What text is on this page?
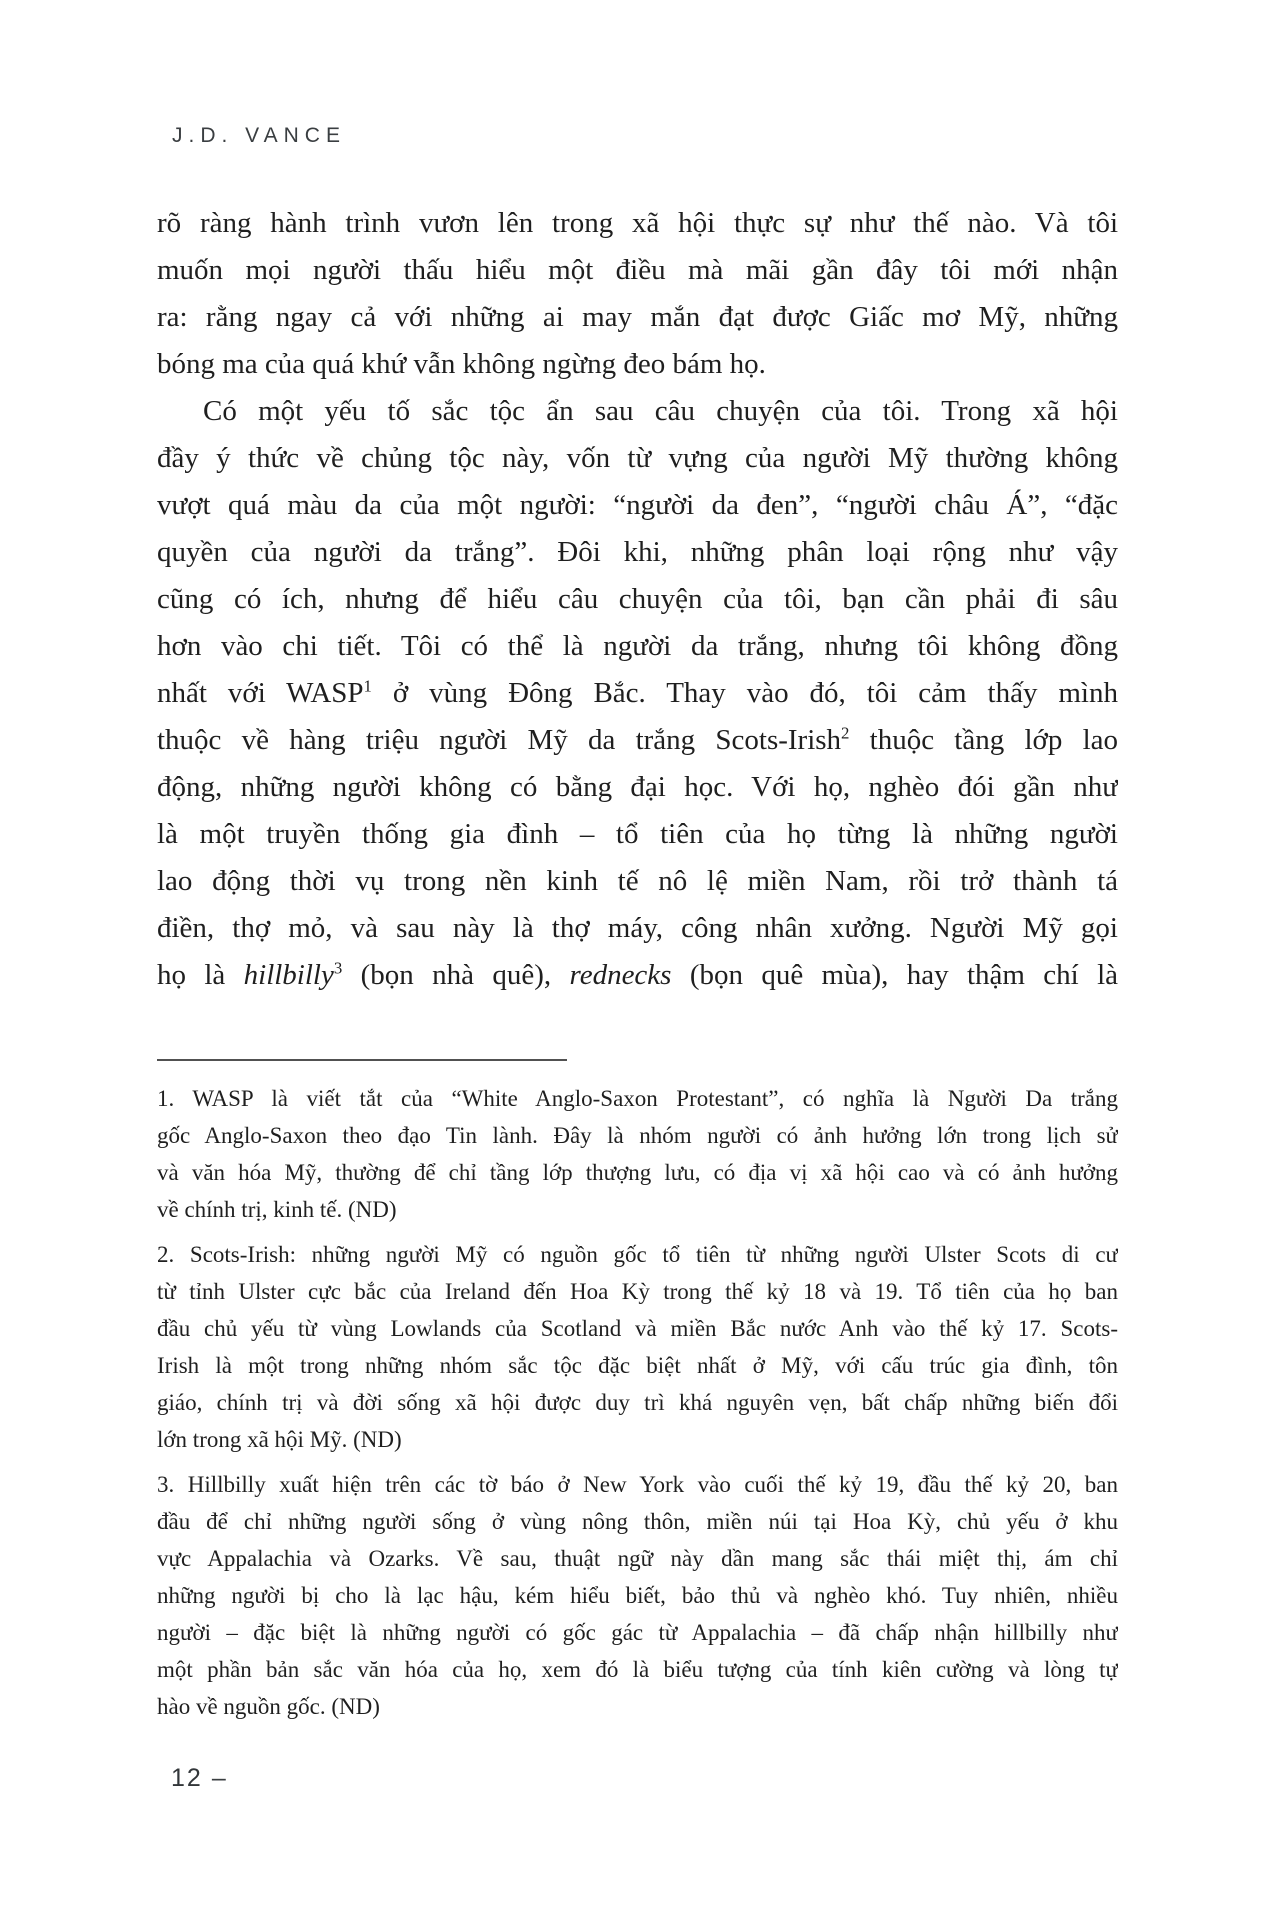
J.D. VANCE
rõ ràng hành trình vươn lên trong xã hội thực sự như thế nào. Và tôi
muốn mọi người thấu hiểu một điều mà mãi gần đây tôi mới nhận
ra: rằng ngay cả với những ai may mắn đạt được Giấc mơ Mỹ, những
bóng ma của quá khứ vẫn không ngừng đeo bám họ.
Có một yếu tố sắc tộc ẩn sau câu chuyện của tôi. Trong xã hội
đầy ý thức về chủng tộc này, vốn từ vựng của người Mỹ thường không
vượt quá màu da của một người: “người da đen”, “người châu Á”, “đặc
quyền của người da trắng”. Đôi khi, những phân loại rộng như vậy
cũng có ích, nhưng để hiểu câu chuyện của tôi, bạn cần phải đi sâu
hơn vào chi tiết. Tôi có thể là người da trắng, nhưng tôi không đồng
nhất với WASP$^1$ ở vùng Đông Bắc. Thay vào đó, tôi cảm thấy mình
thuộc về hàng triệu người Mỹ da trắng Scots-Irish$^2$ thuộc tầng lớp lao
động, những người không có bằng đại học. Với họ, nghèo đói gần như
là một truyền thống gia đình – tổ tiên của họ từng là những người
lao động thời vụ trong nền kinh tế nô lệ miền Nam, rồi trở thành tá
điền, thợ mỏ, và sau này là thợ máy, công nhân xưởng. Người Mỹ gọi
họ là hillbilly$^3$ (bọn nhà quê), rednecks (bọn quê mùa), hay thậm chí là
1. WASP là viết tắt của “White Anglo-Saxon Protestant”, có nghĩa là Người Da trắng
gốc Anglo-Saxon theo đạo Tin lành. Đây là nhóm người có ảnh hưởng lớn trong lịch sử
và văn hóa Mỹ, thường để chỉ tầng lớp thượng lưu, có địa vị xã hội cao và có ảnh hưởng
về chính trị, kinh tế. (ND)
2. Scots-Irish: những người Mỹ có nguồn gốc tổ tiên từ những người Ulster Scots di cư
từ tỉnh Ulster cực bắc của Ireland đến Hoa Kỳ trong thế kỷ 18 và 19. Tổ tiên của họ ban
đầu chủ yếu từ vùng Lowlands của Scotland và miền Bắc nước Anh vào thế kỷ 17. Scots-
Irish là một trong những nhóm sắc tộc đặc biệt nhất ở Mỹ, với cấu trúc gia đình, tôn
giáo, chính trị và đời sống xã hội được duy trì khá nguyên vẹn, bất chấp những biến đổi
lớn trong xã hội Mỹ. (ND)
3. Hillbilly xuất hiện trên các tờ báo ở New York vào cuối thế kỷ 19, đầu thế kỷ 20, ban
đầu để chỉ những người sống ở vùng nông thôn, miền núi tại Hoa Kỳ, chủ yếu ở khu
vực Appalachia và Ozarks. Về sau, thuật ngữ này dần mang sắc thái miệt thị, ám chỉ
những người bị cho là lạc hậu, kém hiểu biết, bảo thủ và nghèo khó. Tuy nhiên, nhiều
người – đặc biệt là những người có gốc gác từ Appalachia – đã chấp nhận hillbilly như
một phần bản sắc văn hóa của họ, xem đó là biểu tượng của tính kiên cường và lòng tự
hào về nguồn gốc. (ND)
12 –
